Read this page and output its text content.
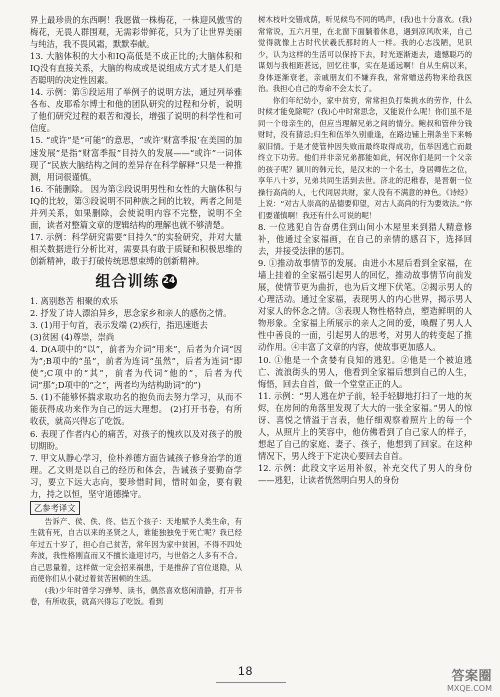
界上最珍贵的东西啊！我愿做一株梅花，一株迎风傲雪的梅花，无畏人群围观，无需彩带鲜花，只为了让世界美丽与纯洁，我不畏风霜，默默奉献。

13. 大脑体积的大小和IQ高低是不成正比的;大脑体积和IQ没有直接关系，大脑的构成或是说组成方式才是人们是否聪明的决定性因素。

14. 示例：第⑤段运用了举例子的说明方法，通过列举雅各布、皮耶希尔博士和他的团队研究的过程和分析，说明了他们研究过程的艰苦和漫长，增强了说明的科学性和可信度。

15. “或许”是“可能”的意思，“或许‘财富季报’在美国的加速发展”是指“财富季报”目持久的发展——“或许”一词体现了“民族大脑结构之间的差异存在科学解释”只是一种推测，用词很谨慎。

16. 不能删除。 因为第②段说明男性和女性的大脑体积与IQ的比较，第③段说明不同种族之间的比较，两者之间是并列关系，如果删除，会使说明内容不完整，说明不全面，读者对整篇文章的逻辑结构的理解也就不够清楚。

17. 示例：科学研究需要“目持久”的实验研究，并对大量相关数据进行分析比对，需要具有敢于质疑和积极思维的创新精神，敢于打破传统思想束缚的创新精神。

组合训练 24

1. 离别愁苦 相聚的欢乐

2. 抒发了诗人漂泊异乡，思念家乡和亲人的感伤之情。

3. (1)用于句首，表示发端 (2)疾行，指迅速逝去

(3)贫困 (4)尊崇，崇尚

4. D(A项中的“以”，前者为介词“用来”，后者为介词“因为”;B项中的“虽”，前者为连词“虽然”，后者为连词“即使”;C项中的“其”，前者为代词“他的”，后者为代词“那”;D项中的“之”，两者均为结构助词“的”)

5. (1)不能够怀揣求取功名的抱负而去努力学习，从而不能获得成功来作为自己的远大理想。 (2)打开书卷，有所收获，就高兴得忘了吃饭。

6. 表现了作者内心的痛苦，对孩子的愧疚以及对孩子的殷切期盼。

7. 甲文从静心学习，俭朴养德方面告诫孩子修身治学的道理。乙文则是以自己的经历和体会，告诫孩子要勤奋学习，要立下远大志向，要珍惜时间，惜时如金，要有毅力，持之以恒，坚守道德操守。

乙参考译文

告诉产、侯、佚、佟、佶五个孩子：天地赋予人类生命，有生就有死，自古以来的圣贤之人，谁能独独免于死亡呢？我已经年过五十岁了，担心自己贫苦，常年因为家中贫困，不得不四处奔波，我性格刚直而又不擅长逢迎讨巧，与世俗之人多有不合。自己思量着，这样做一定会招来祸患，于是推辞了官位退隐，从而使你们从小就过着贫苦困顿的生活。

(我)少年时曾学习弹琴、读书，偶然喜欢悠闲清静，打开书卷，有所收获，就高兴得忘了吃饭。看到

树木枝叶交错成荫，听见候鸟不同的鸣声，(我)也十分喜欢。(我)常常说，五六月里，在北窗下面躺着休息，遇到凉风吹来，自己觉得就像上古时代伏羲氏那时的人一样。我的心志浅陋，见识少，认为这样的生活可以保持下去，时光逐渐逝去，遗憾聪巧的谋划与我相距甚远，回忆往事，实在是遥远啊！自从生病以来，身体逐渐衰老，亲戚朋友们不嫌弃我，常常赠送药物来给我医治。我担心自己的寿命不会太长了。

你们年纪幼小，家中贫穷，常常担负打柴挑水的劳作，什么时候才能免除呢？(我)心中时常思念，又能说什么呢！你们虽不是同一个母亲生的，但应当理解兄弟之间的情分。鲍叔和管仲分钱财时，没有猜忌;归生和伍举久别重逢，在路边铺上荆条坐下来畅叙旧情。于是才使管仲因失败而最终取得成功，伍举因逃亡而最终立下功劳。他们并非亲兄弟都能如此，何况你们是同一个父亲的孩子呢？颍川的韩元长，是汉末的一个名士，身居卿佐之位，享年八十岁，兄弟共同生活到去世。济北的氾稚春，是晋朝一位操行高尚的人，七代同居共财，家人没有不满意的神色。《诗经》上说：“对古人崇高的品德要仰望，对古人高尚的行为要效法。”你们要谨慎啊！我还有什么可说的呢！

8. 一位逃犯自告奋勇住到山间小木屋里来到猎人精意修补，他通过全家福画，在自己的亲情的感召下，选择回去，并接受法律的惩罚。

9. ①推动故事情节的发展。由进小木屋后看到全家福，在墙上挂着的全家福引起男人的回忆，推动故事情节向前发展，使情节更为曲折，也为后文埋下伏笔。②揭示男人的心理活动。通过全家福，表现男人的内心世界，揭示男人对家人的怀念之情。③表现人物性格特点，塑造鲜明的人物形象。全家福上所展示的亲人之间的爱，唤醒了男人人性中善良的一面，引起男人的思考，对男人的转变起了推动作用。④丰富了文章的内容，使故事更加感人。

10. ①他是一个贪婪有良知的逃犯。②他是一个被迫逃亡、流浪街头的男人，他看到全家福后想到自己的人生，悔悟，回去自首，做一个堂堂正正的人。

11. 示例：“男人逃在炉子前，轻手轻脚地打扫了一地的灰烬，在房间的角落里发现了大大的一张全家福。”男人的惊讶、喜悦之情溢于言表，他仔细观察着照片上的每一个人，从照片上的笑容中，他仿佛看到了自己家人的样子，想起了自己的家庭、妻子、孩子，他想到了回家。在这种情况下，男人终于下定决心要回去自首。

12. 示例：此段文字运用补叙，补充交代了男人的身份——逃犯，让读者恍然明白男人的身份

18	答案圈
MXQE.COM
